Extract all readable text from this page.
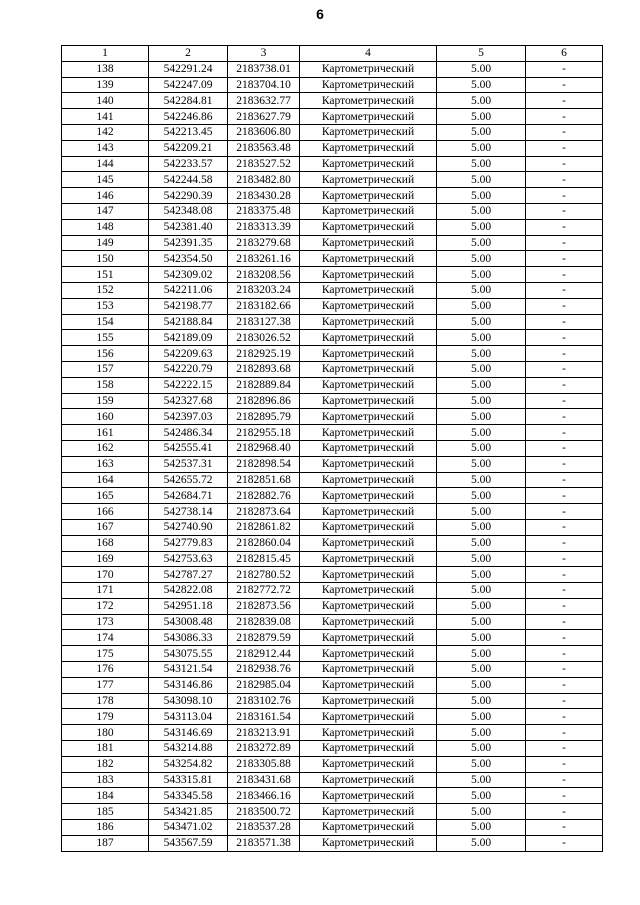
6
1	2	3	4	5	6
138	542291.24	2183738.01	Картометрический	5.00	-
139	542247.09	2183704.10	Картометрический	5.00	-
140	542284.81	2183632.77	Картометрический	5.00	-
141	542246.86	2183627.79	Картометрический	5.00	-
142	542213.45	2183606.80	Картометрический	5.00	-
143	542209.21	2183563.48	Картометрический	5.00	-
144	542233.57	2183527.52	Картометрический	5.00	-
145	542244.58	2183482.80	Картометрический	5.00	-
146	542290.39	2183430.28	Картометрический	5.00	-
147	542348.08	2183375.48	Картометрический	5.00	-
148	542381.40	2183313.39	Картометрический	5.00	-
149	542391.35	2183279.68	Картометрический	5.00	-
150	542354.50	2183261.16	Картометрический	5.00	-
151	542309.02	2183208.56	Картометрический	5.00	-
152	542211.06	2183203.24	Картометрический	5.00	-
153	542198.77	2183182.66	Картометрический	5.00	-
154	542188.84	2183127.38	Картометрический	5.00	-
155	542189.09	2183026.52	Картометрический	5.00	-
156	542209.63	2182925.19	Картометрический	5.00	-
157	542220.79	2182893.68	Картометрический	5.00	-
158	542222.15	2182889.84	Картометрический	5.00	-
159	542327.68	2182896.86	Картометрический	5.00	-
160	542397.03	2182895.79	Картометрический	5.00	-
161	542486.34	2182955.18	Картометрический	5.00	-
162	542555.41	2182968.40	Картометрический	5.00	-
163	542537.31	2182898.54	Картометрический	5.00	-
164	542655.72	2182851.68	Картометрический	5.00	-
165	542684.71	2182882.76	Картометрический	5.00	-
166	542738.14	2182873.64	Картометрический	5.00	-
167	542740.90	2182861.82	Картометрический	5.00	-
168	542779.83	2182860.04	Картометрический	5.00	-
169	542753.63	2182815.45	Картометрический	5.00	-
170	542787.27	2182780.52	Картометрический	5.00	-
171	542822.08	2182772.72	Картометрический	5.00	-
172	542951.18	2182873.56	Картометрический	5.00	-
173	543008.48	2182839.08	Картометрический	5.00	-
174	543086.33	2182879.59	Картометрический	5.00	-
175	543075.55	2182912.44	Картометрический	5.00	-
176	543121.54	2182938.76	Картометрический	5.00	-
177	543146.86	2182985.04	Картометрический	5.00	-
178	543098.10	2183102.76	Картометрический	5.00	-
179	543113.04	2183161.54	Картометрический	5.00	-
180	543146.69	2183213.91	Картометрический	5.00	-
181	543214.88	2183272.89	Картометрический	5.00	-
182	543254.82	2183305.88	Картометрический	5.00	-
183	543315.81	2183431.68	Картометрический	5.00	-
184	543345.58	2183466.16	Картометрический	5.00	-
185	543421.85	2183500.72	Картометрический	5.00	-
186	543471.02	2183537.28	Картометрический	5.00	-
187	543567.59	2183571.38	Картометрический	5.00	-
